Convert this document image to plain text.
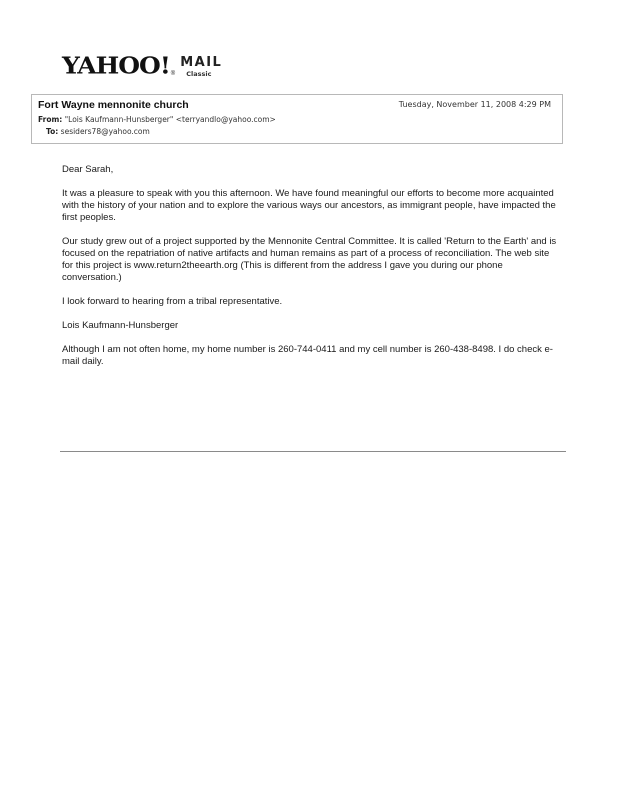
YAHOO! ®
MAIL
Classic
Fort Wayne mennonite church	Tuesday, November 11, 2008 4:29 PM
From: "Lois Kaufmann-Hunsberger" <terryandlo@yahoo.com>
To: sesiders78@yahoo.com

Dear Sarah,

It was a pleasure to speak with you this afternoon. We have found meaningful our efforts to become more acquainted with the history of your nation and to explore the various ways our ancestors, as immigrant people, have impacted the first peoples.

Our study grew out of a project supported by the Mennonite Central Committee. It is called 'Return to the Earth' and is focused on the repatriation of native artifacts and human remains as part of a process of reconciliation. The web site for this project is www.return2theearth.org (This is different from the address I gave you during our phone conversation.)

I look forward to hearing from a tribal representative.

Lois Kaufmann-Hunsberger

Although I am not often home, my home number is 260-744-0411 and my cell number is 260-438-8498. I do check e-mail daily.
